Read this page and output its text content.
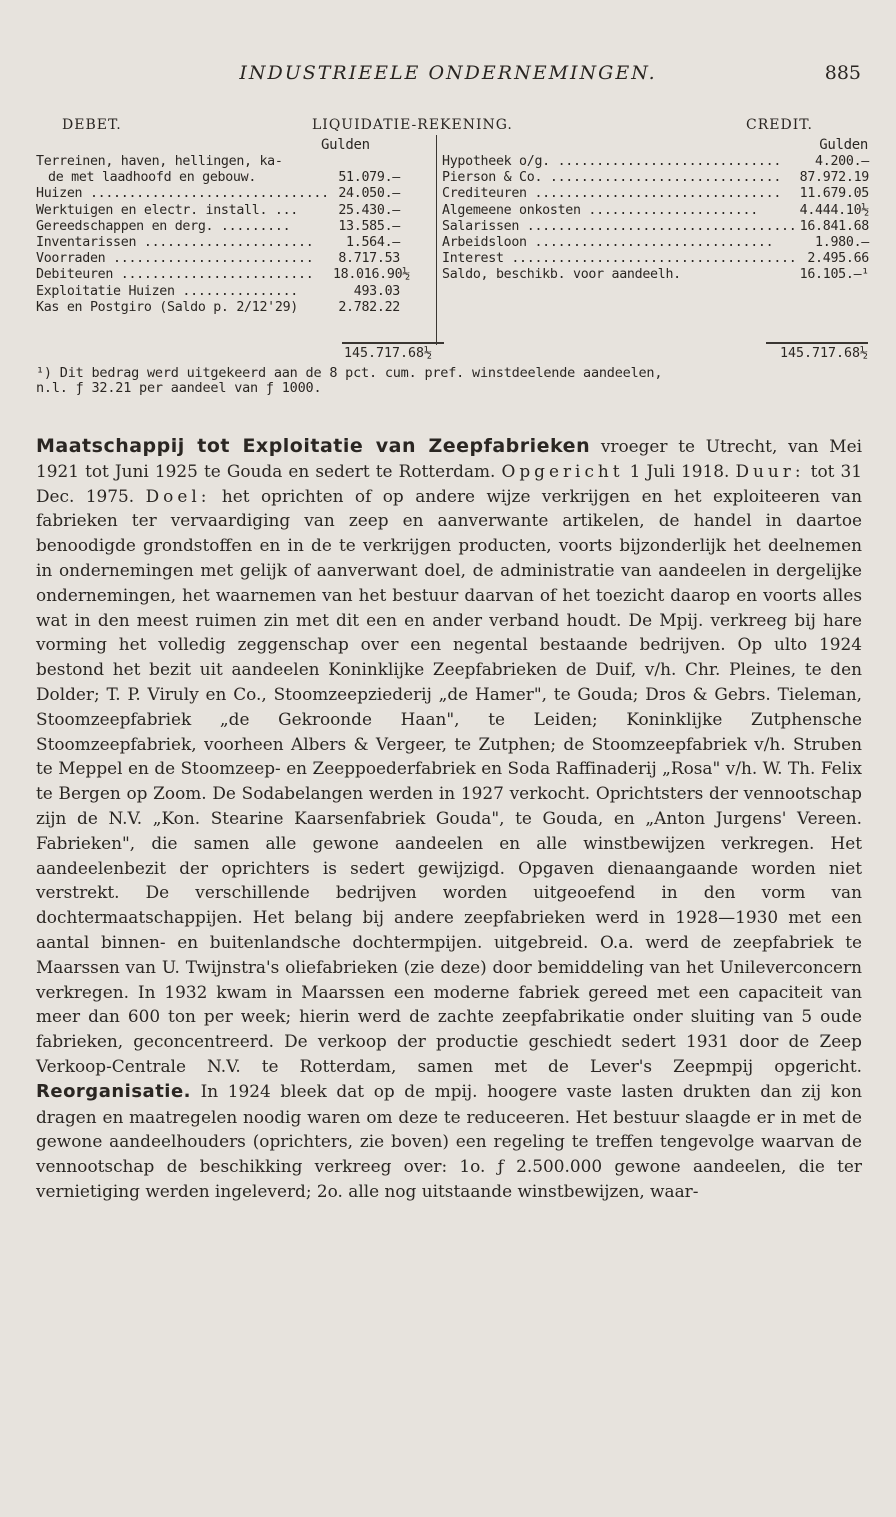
INDUSTRIEELE ONDERNEMINGEN.	885
DEBET.	LIQUIDATIE-REKENING.	CREDIT.
Gulden	Gulden
Terreinen, haven, hellingen, ka-
de met laadhoofd en gebouw.	51.079.—
Huizen ............................... 24.050.—
Werktuigen en electr. install. ...	25.430.—
Gereedschappen en derg. .........	13.585.—
Inventarissen ...................... 1.564.—
Voorraden .......................... 8.717.53
Debiteuren ......................... 18.016.90½
Exploitatie Huizen ...............	493.03
Kas en Postgiro (Saldo p. 2/12'29)	2.782.22
Hypotheek o/g. .............................	4.200.—
Pierson & Co. .............................. 87.972.19
Crediteuren ................................ 11.679.05
Algemeene onkosten ......................	4.444.10½
Salarissen ................................... 16.841.68
Arbeidsloon ...............................	1.980.—
Interest ..................................... 2.495.66
Saldo, beschikb. voor aandeelh.	16.105.—¹
145.717.68½	145.717.68½
¹) Dit bedrag werd uitgekeerd aan de 8 pct. cum. pref. winstdeelende aandeelen,
n.l. ƒ 32.21 per aandeel van ƒ 1000.

Maatschappij tot Exploitatie van Zeepfabrieken vroeger te Utrecht, van Mei 1921 tot Juni 1925 te Gouda en sedert te Rotterdam. Opgericht 1 Juli 1918. Duur: tot 31 Dec. 1975. Doel: het oprichten of op andere wijze verkrijgen en het exploiteeren van fabrieken ter vervaardiging van zeep en aanverwante artikelen, de handel in daartoe benoodigde grondstoffen en in de te verkrijgen producten, voorts bijzonderlijk het deelnemen in ondernemingen met gelijk of aanverwant doel, de administratie van aandeelen in dergelijke ondernemingen, het waarnemen van het bestuur daarvan of het toezicht daarop en voorts alles wat in den meest ruimen zin met dit een en ander verband houdt. De Mpij. verkreeg bij hare vorming het volledig zeggenschap over een negental bestaande bedrijven. Op ulto 1924 bestond het bezit uit aandeelen Koninklijke Zeepfabrieken de Duif, v/h. Chr. Pleines, te den Dolder; T. P. Viruly en Co., Stoomzeepziederij „de Hamer", te Gouda; Dros & Gebrs. Tieleman, Stoomzeepfabriek „de Gekroonde Haan", te Leiden; Koninklijke Zutphensche Stoomzeepfabriek, voorheen Albers & Vergeer, te Zutphen; de Stoomzeepfabriek v/h. Struben te Meppel en de Stoomzeep- en Zeeppoederfabriek en Soda Raffinaderij „Rosa" v/h. W. Th. Felix te Bergen op Zoom. De Sodabelangen werden in 1927 verkocht. Oprichtsters der vennootschap zijn de N.V. „Kon. Stearine Kaarsenfabriek Gouda", te Gouda, en „Anton Jurgens' Vereen. Fabrieken", die samen alle gewone aandeelen en alle winstbewijzen verkregen. Het aandeelenbezit der oprichters is sedert gewijzigd. Opgaven dienaangaande worden niet verstrekt. De verschillende bedrijven worden uitgeoefend in den vorm van dochtermaatschappijen. Het belang bij andere zeepfabrieken werd in 1928—1930 met een aantal binnen- en buitenlandsche dochtermpijen. uitgebreid. O.a. werd de zeepfabriek te Maarssen van U. Twijnstra's oliefabrieken (zie deze) door bemiddeling van het Unileverconcern verkregen. In 1932 kwam in Maarssen een moderne fabriek gereed met een capaciteit van meer dan 600 ton per week; hierin werd de zachte zeepfabrikatie onder sluiting van 5 oude fabrieken, geconcentreerd. De verkoop der productie geschiedt sedert 1931 door de Zeep Verkoop-Centrale N.V. te Rotterdam, samen met de Lever's Zeepmpij opgericht. Reorganisatie. In 1924 bleek dat op de mpij. hoogere vaste lasten drukten dan zij kon dragen en maatregelen noodig waren om deze te reduceeren. Het bestuur slaagde er in met de gewone aandeelhouders (oprichters, zie boven) een regeling te treffen tengevolge waarvan de vennootschap de beschikking verkreeg over: 1o. ƒ 2.500.000 gewone aandeelen, die ter vernietiging werden ingeleverd; 2o. alle nog uitstaande winstbewijzen, waar-
